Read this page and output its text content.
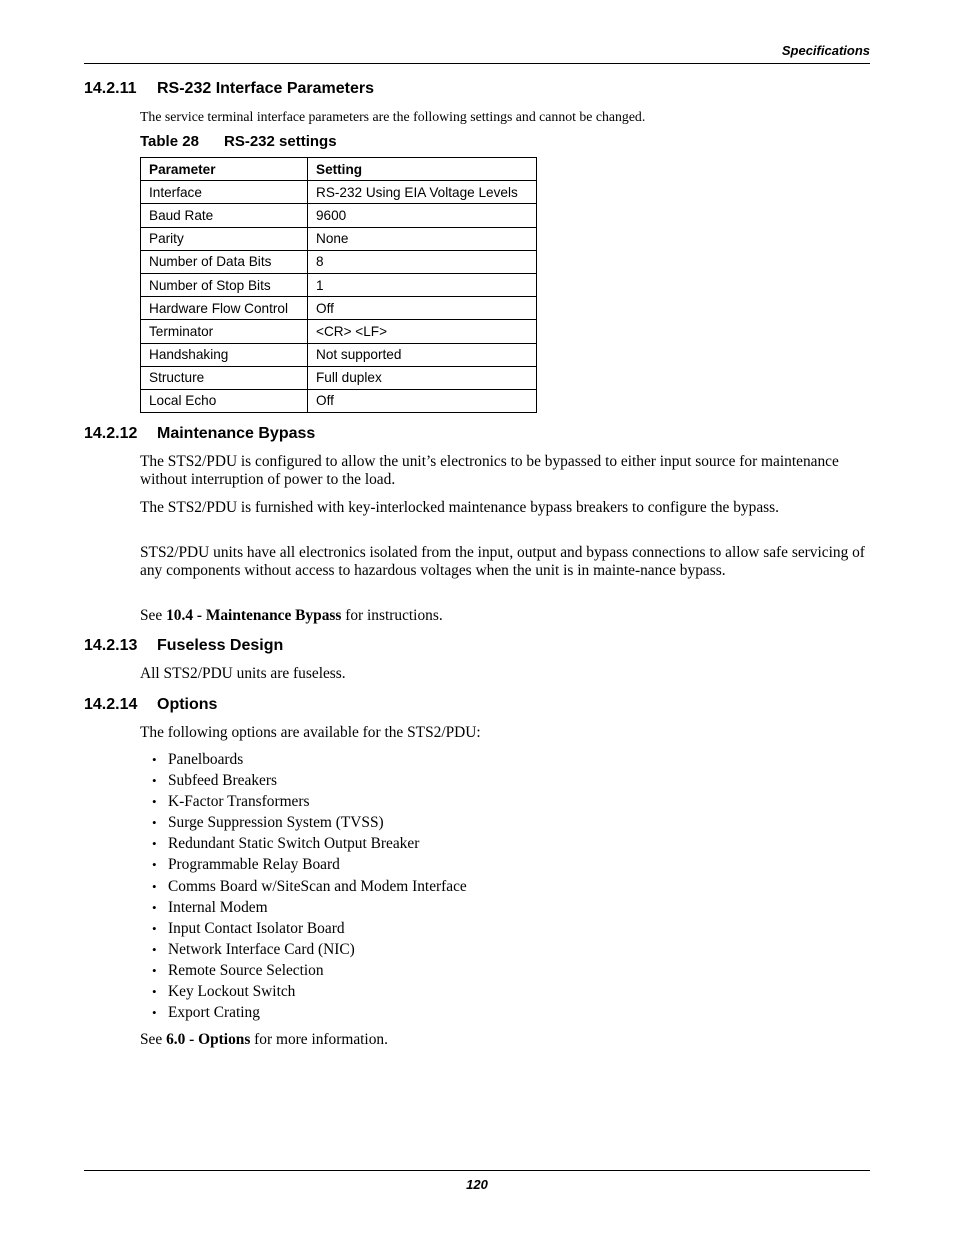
Specifications
14.2.11 RS-232 Interface Parameters
The service terminal interface parameters are the following settings and cannot be changed.
Table 28 RS-232 settings
Parameter	Setting
Interface	RS-232 Using EIA Voltage Levels
Baud Rate	9600
Parity	None
Number of Data Bits	8
Number of Stop Bits	1
Hardware Flow Control	Off
Terminator	<CR> <LF>
Handshaking	Not supported
Structure	Full duplex
Local Echo	Off
14.2.12 Maintenance Bypass
The STS2/PDU is configured to allow the unit’s electronics to be bypassed to either input source for maintenance without interruption of power to the load.
The STS2/PDU is furnished with key-interlocked maintenance bypass breakers to configure the bypass.
STS2/PDU units have all electronics isolated from the input, output and bypass connections to allow safe servicing of any components without access to hazardous voltages when the unit is in mainte-nance bypass.
See 10.4 - Maintenance Bypass for instructions.
14.2.13 Fuseless Design
All STS2/PDU units are fuseless.
14.2.14 Options
The following options are available for the STS2/PDU:
• Panelboards
• Subfeed Breakers
• K-Factor Transformers
• Surge Suppression System (TVSS)
• Redundant Static Switch Output Breaker
• Programmable Relay Board
• Comms Board w/SiteScan and Modem Interface
• Internal Modem
• Input Contact Isolator Board
• Network Interface Card (NIC)
• Remote Source Selection
• Key Lockout Switch
• Export Crating
See 6.0 - Options for more information.
120
